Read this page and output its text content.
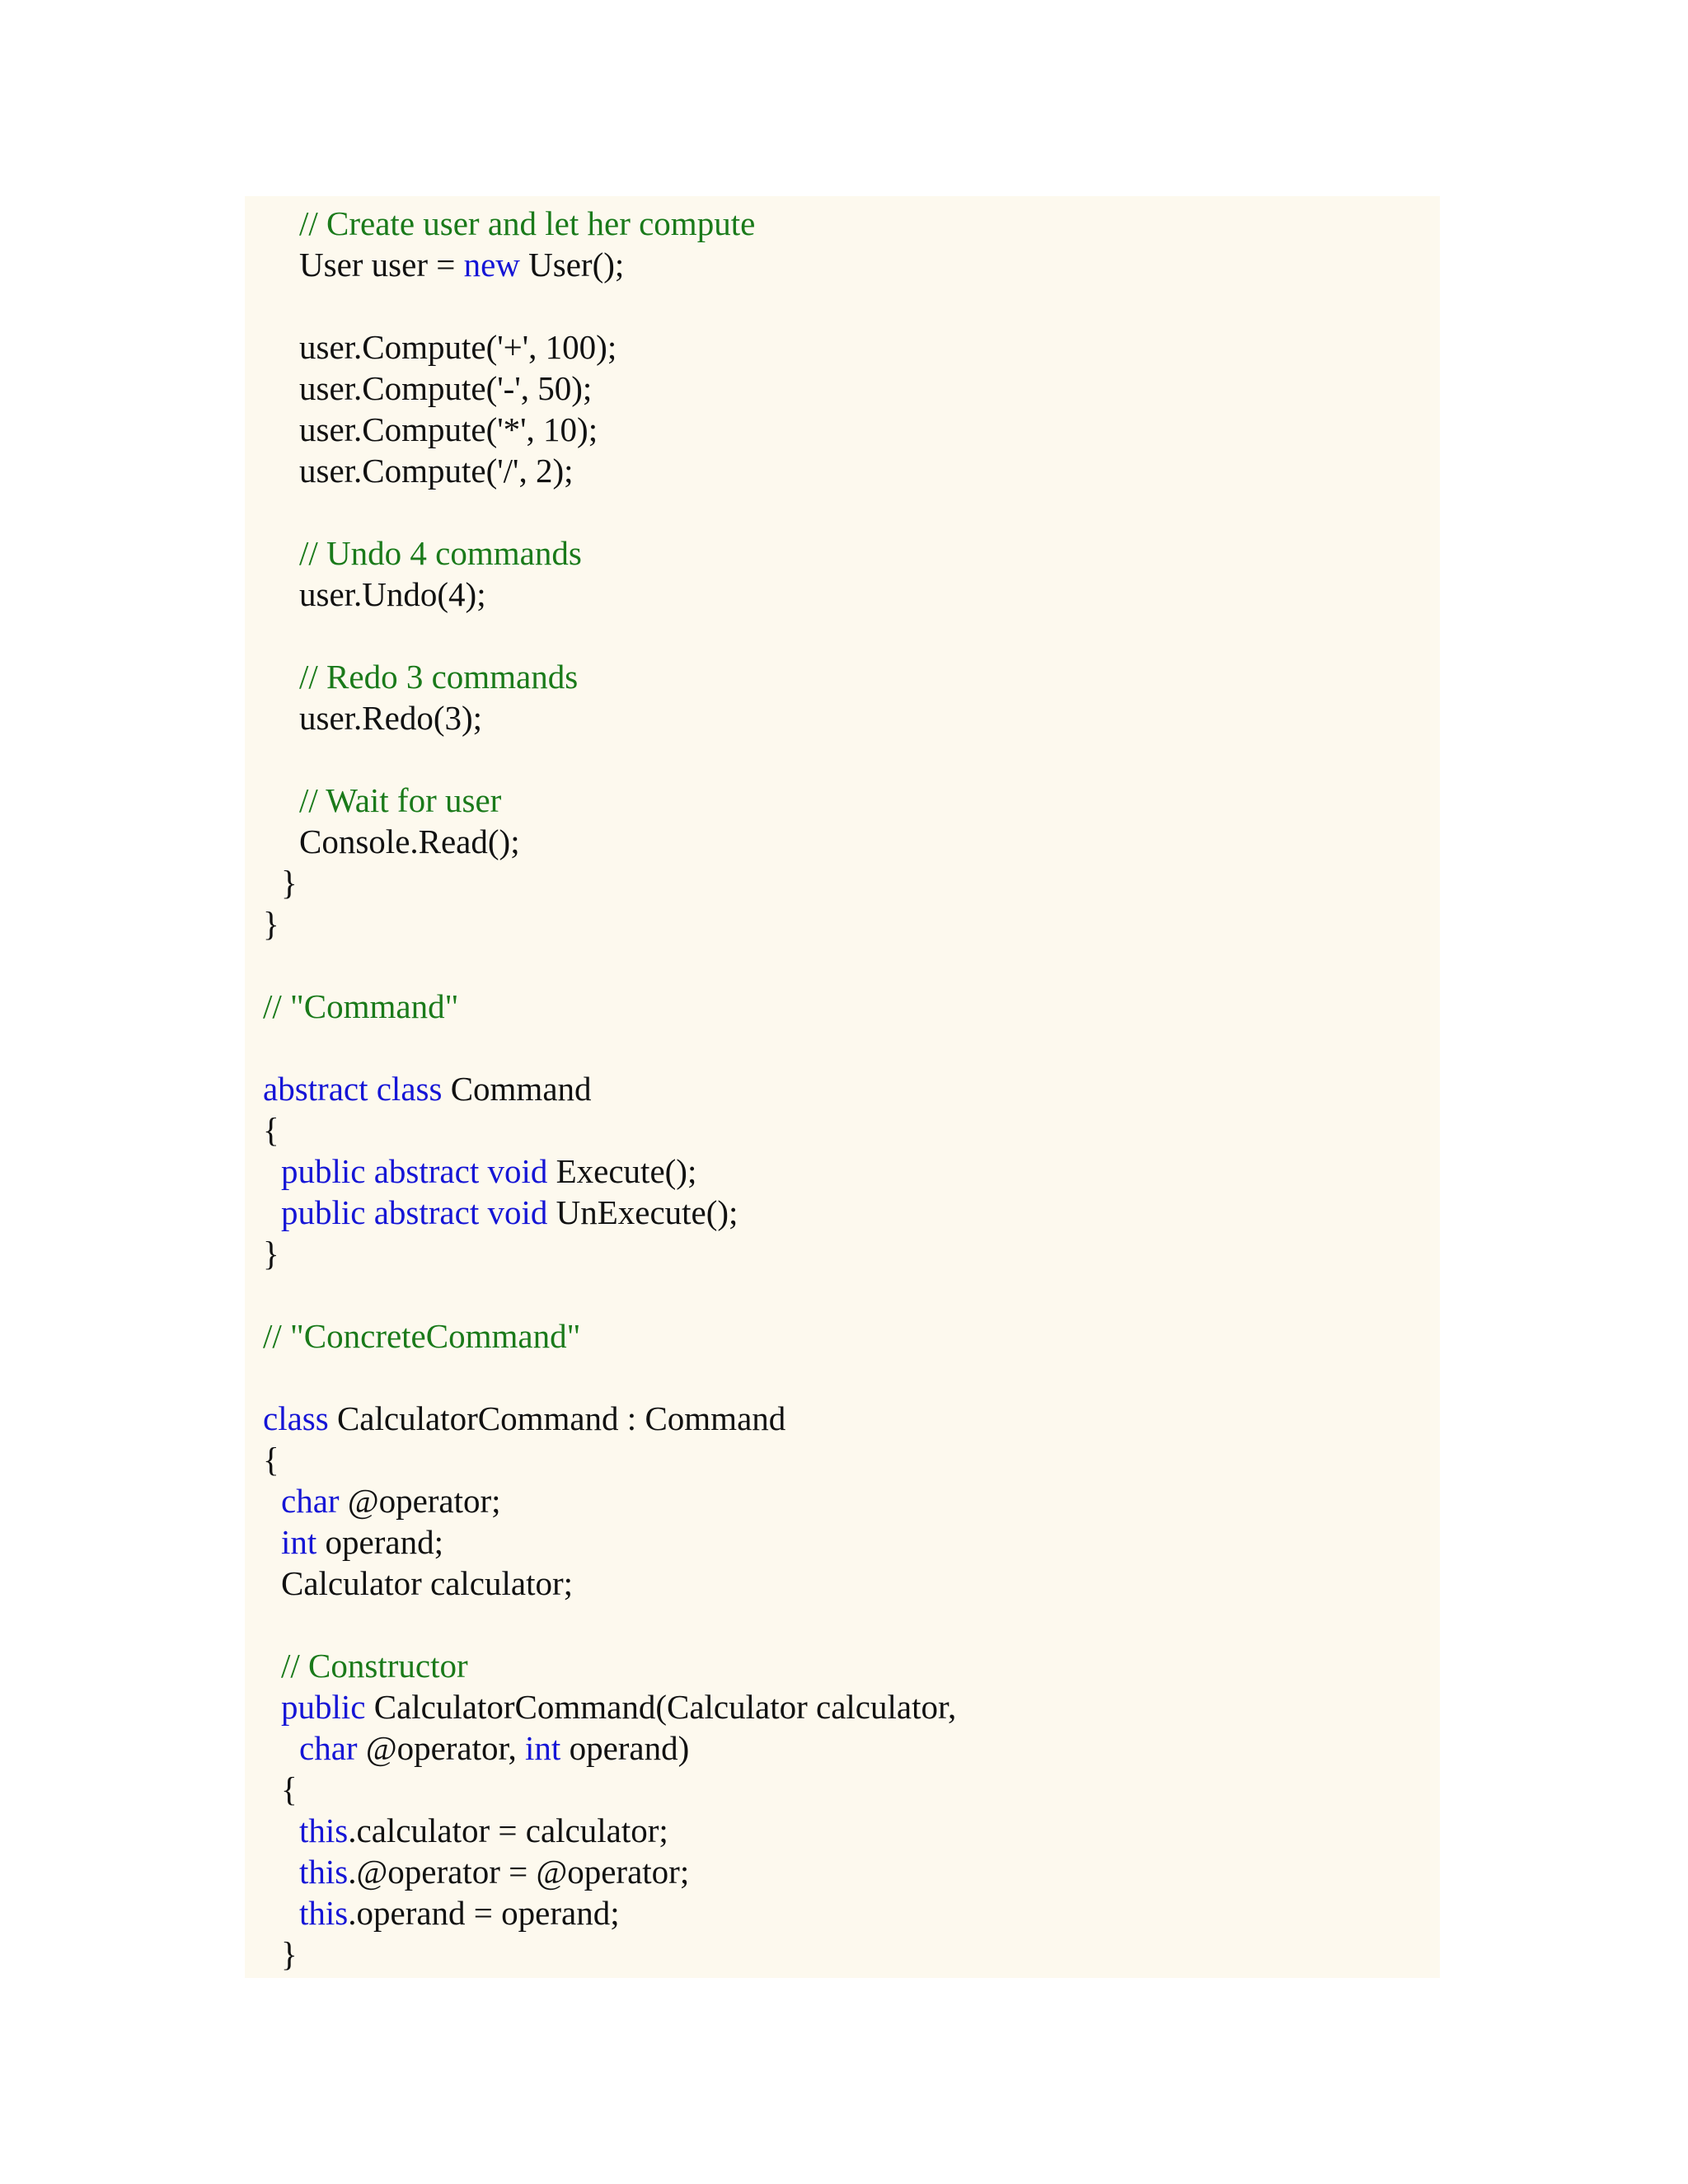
// Create user and let her compute
User user = new User();
user.Compute('+', 100);
user.Compute('-', 50);
user.Compute('*', 10);
user.Compute('/', 2);
// Undo 4 commands
user.Undo(4);
// Redo 3 commands
user.Redo(3);
// Wait for user
Console.Read();
}
}
// "Command"
abstract class Command
{
public abstract void Execute();
public abstract void UnExecute();
}
// "ConcreteCommand"
class CalculatorCommand : Command
{
char @operator;
int operand;
Calculator calculator;
// Constructor
public CalculatorCommand(Calculator calculator,
char @operator, int operand)
{
this.calculator = calculator;
this.@operator = @operator;
this.operand = operand;
}
